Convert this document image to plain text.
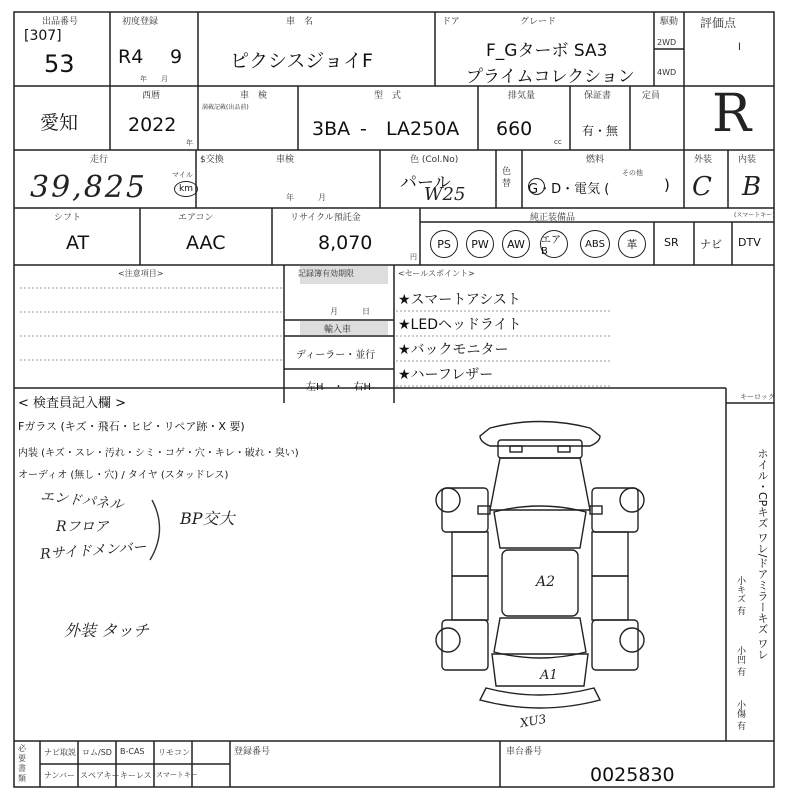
出品番号
[307]
53
初度登録
R4 9
年　　月
車　名
ピクシスジョイF
ドア	グレード
F_Gターボ SA3
プライムコレクション
駆動
2WD
4WD
評価点
l
R
愛知
西暦
2022
年
車　検
満載記載(出品前)
型　式
3BA - LA250A
排気量
660
cc
保証書
有・無
定員
走行
39,825	マイル
km
$交換	車検
年　　　月
色 (Col.No)
パール
W25
色替
燃料
G・D・電気 (
その他
)
外装
C
内装
B
シフト
AT
エアコン
AAC
リサイクル預託金
8,070
円
純正装備品	(スマートキー)
PS	PW	AW	エアB
ABS	革	SR ナビ DTV
<注意項目>	記録簿有効期限
月　　　日
輸入車
ディーラー・並行
左H　・　右H
<セールスポイント>
★スマートアシスト
★LEDヘッドライト
★バックモニター
★ハーフレザー
< 検査員記入欄 >
Fガラス (キズ・飛石・ヒビ・リペア跡・X 要)
内装 (キズ・スレ・汚れ・シミ・コゲ・穴・キレ・破れ・臭い)
オーディオ (無し・穴) / タイヤ (スタッドレス)
エンドパネル
Rフロア
Rサイドメンバー
BP交大
外装 タッチ
キーロック
ホイル・CPキズ ワレ/ドアミラーキズ ワレ
小キズ 有
小凹 有
小傷 有
A2
A1
XU3
必要書類
ナビ取説 ロム/SD B-CAS リモコン
ナンバー スペアキー キーレス スマートキー
登録番号	車台番号
0025830
